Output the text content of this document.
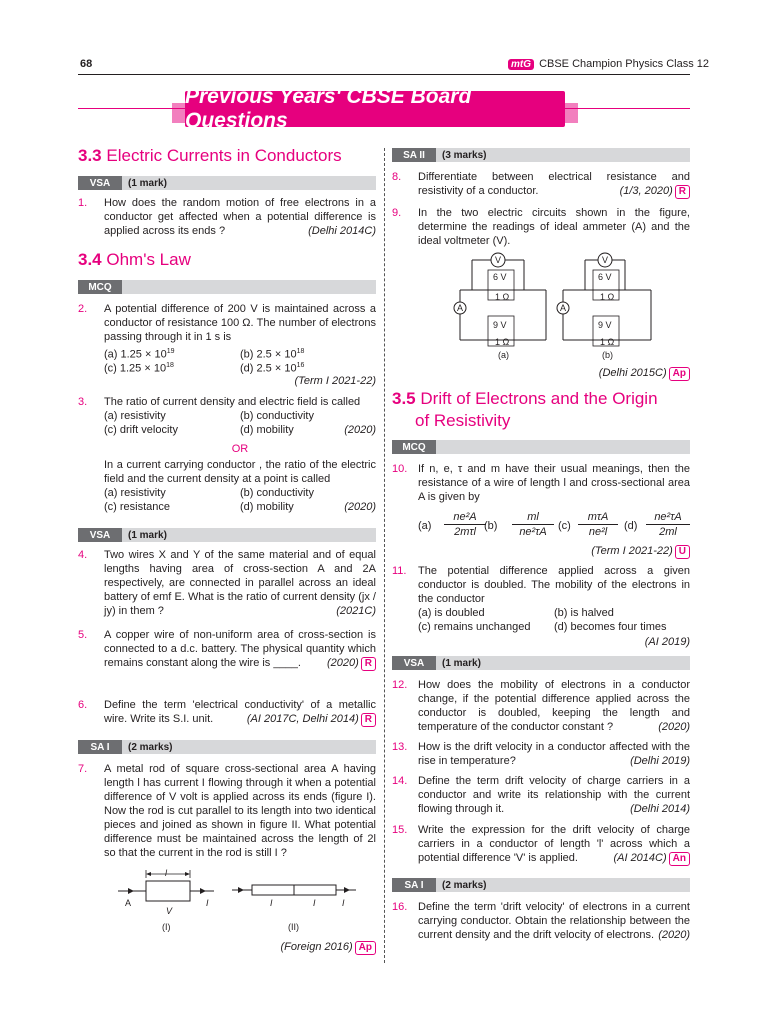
68	mtG CBSE Champion Physics Class 12
Previous Years' CBSE Board Questions
3.3 Electric Currents in Conductors
VSA	(1 mark)
1. How does the random motion of free electrons in a conductor get affected when a potential difference is applied across its ends ?	(Delhi 2014C)
3.4 Ohm's Law
MCQ
2. A potential difference of 200 V is maintained across a conductor of resistance 100 Ω. The number of electrons passing through it in 1 s is
(a) $1.25 \times 10^{19}$	(b) $2.5 \times 10^{18}$
(c) $1.25 \times 10^{18}$	(d) $2.5 \times 10^{16}$
(Term I 2021-22)
3. The ratio of current density and electric field is called
(a) resistivity	(b) conductivity
(c) drift velocity	(d) mobility	(2020)
OR
In a current carrying conductor , the ratio of the electric field and the current density at a point is called
(a) resistivity	(b) conductivity
(c) resistance	(d) mobility	(2020)
VSA	(1 mark)
4. Two wires X and Y of the same material and of equal lengths having area of cross-section A and 2A respectively, are connected in parallel across an ideal battery of emf E. What is the ratio of current density (jx / jy) in them ?	(2021C)
5. A copper wire of non-uniform area of cross-section is connected to a d.c. battery. The physical quantity which remains constant along the wire is ____. (2020) R
6. Define the term 'electrical conductivity' of a metallic wire. Write its S.I. unit.	(AI 2017C, Delhi 2014) R
SA I	(2 marks)
7. A metal rod of square cross-sectional area A having length l has current I flowing through it when a potential difference of V volt is applied across its ends (figure I). Now the rod is cut parallel to its length into two identical pieces and joined as shown in figure II. What potential difference must be maintained across the length of 2l so that the current in the rod is still I ?
l
A	I
V
(I)
I	I	I
(II)
(Foreign 2016) Ap
SA II	(3 marks)
8. Differentiate between electrical resistance and resistivity of a conductor.	(1/3, 2020) R
9. In the two electric circuits shown in the figure, determine the readings of ideal ammeter (A) and the ideal voltmeter (V).
V
6 V
1 Ω
A
9 V
1 Ω
(a)
V
6 V
1 Ω
A
9 V
1 Ω
(b)
(Delhi 2015C) Ap
3.5 Drift of Electrons and the Origin
of Resistivity
MCQ
10. If n, e, τ and m have their usual meanings, then the resistance of a wire of length l and cross-sectional area A is given by
(a)
ne²A
2mτl (b)
ml
ne²τA	(c)
mτA
ne²l	(d)
ne²τA
2ml
(Term I 2021-22) U
11. The potential difference applied across a given conductor is doubled. The mobility of the electrons in the conductor
(a) is doubled	(b) is halved
(c) remains unchanged (d) becomes four times
(AI 2019)
VSA	(1 mark)
12. How does the mobility of electrons in a conductor change, if the potential difference applied across the conductor is doubled, keeping the length and temperature of the conductor constant ?	(2020)
13. How is the drift velocity in a conductor affected with the rise in temperature?	(Delhi 2019)
14. Define the term drift velocity of charge carriers in a conductor and write its relationship with the current flowing through it.	(Delhi 2014)
15. Write the expression for the drift velocity of charge carriers in a conductor of length 'l' across which a potential difference 'V' is applied.	(AI 2014C) An
SA I	(2 marks)
16. Define the term 'drift velocity' of electrons in a current carrying conductor. Obtain the relationship between the current density and the drift velocity of electrons. (2020)
